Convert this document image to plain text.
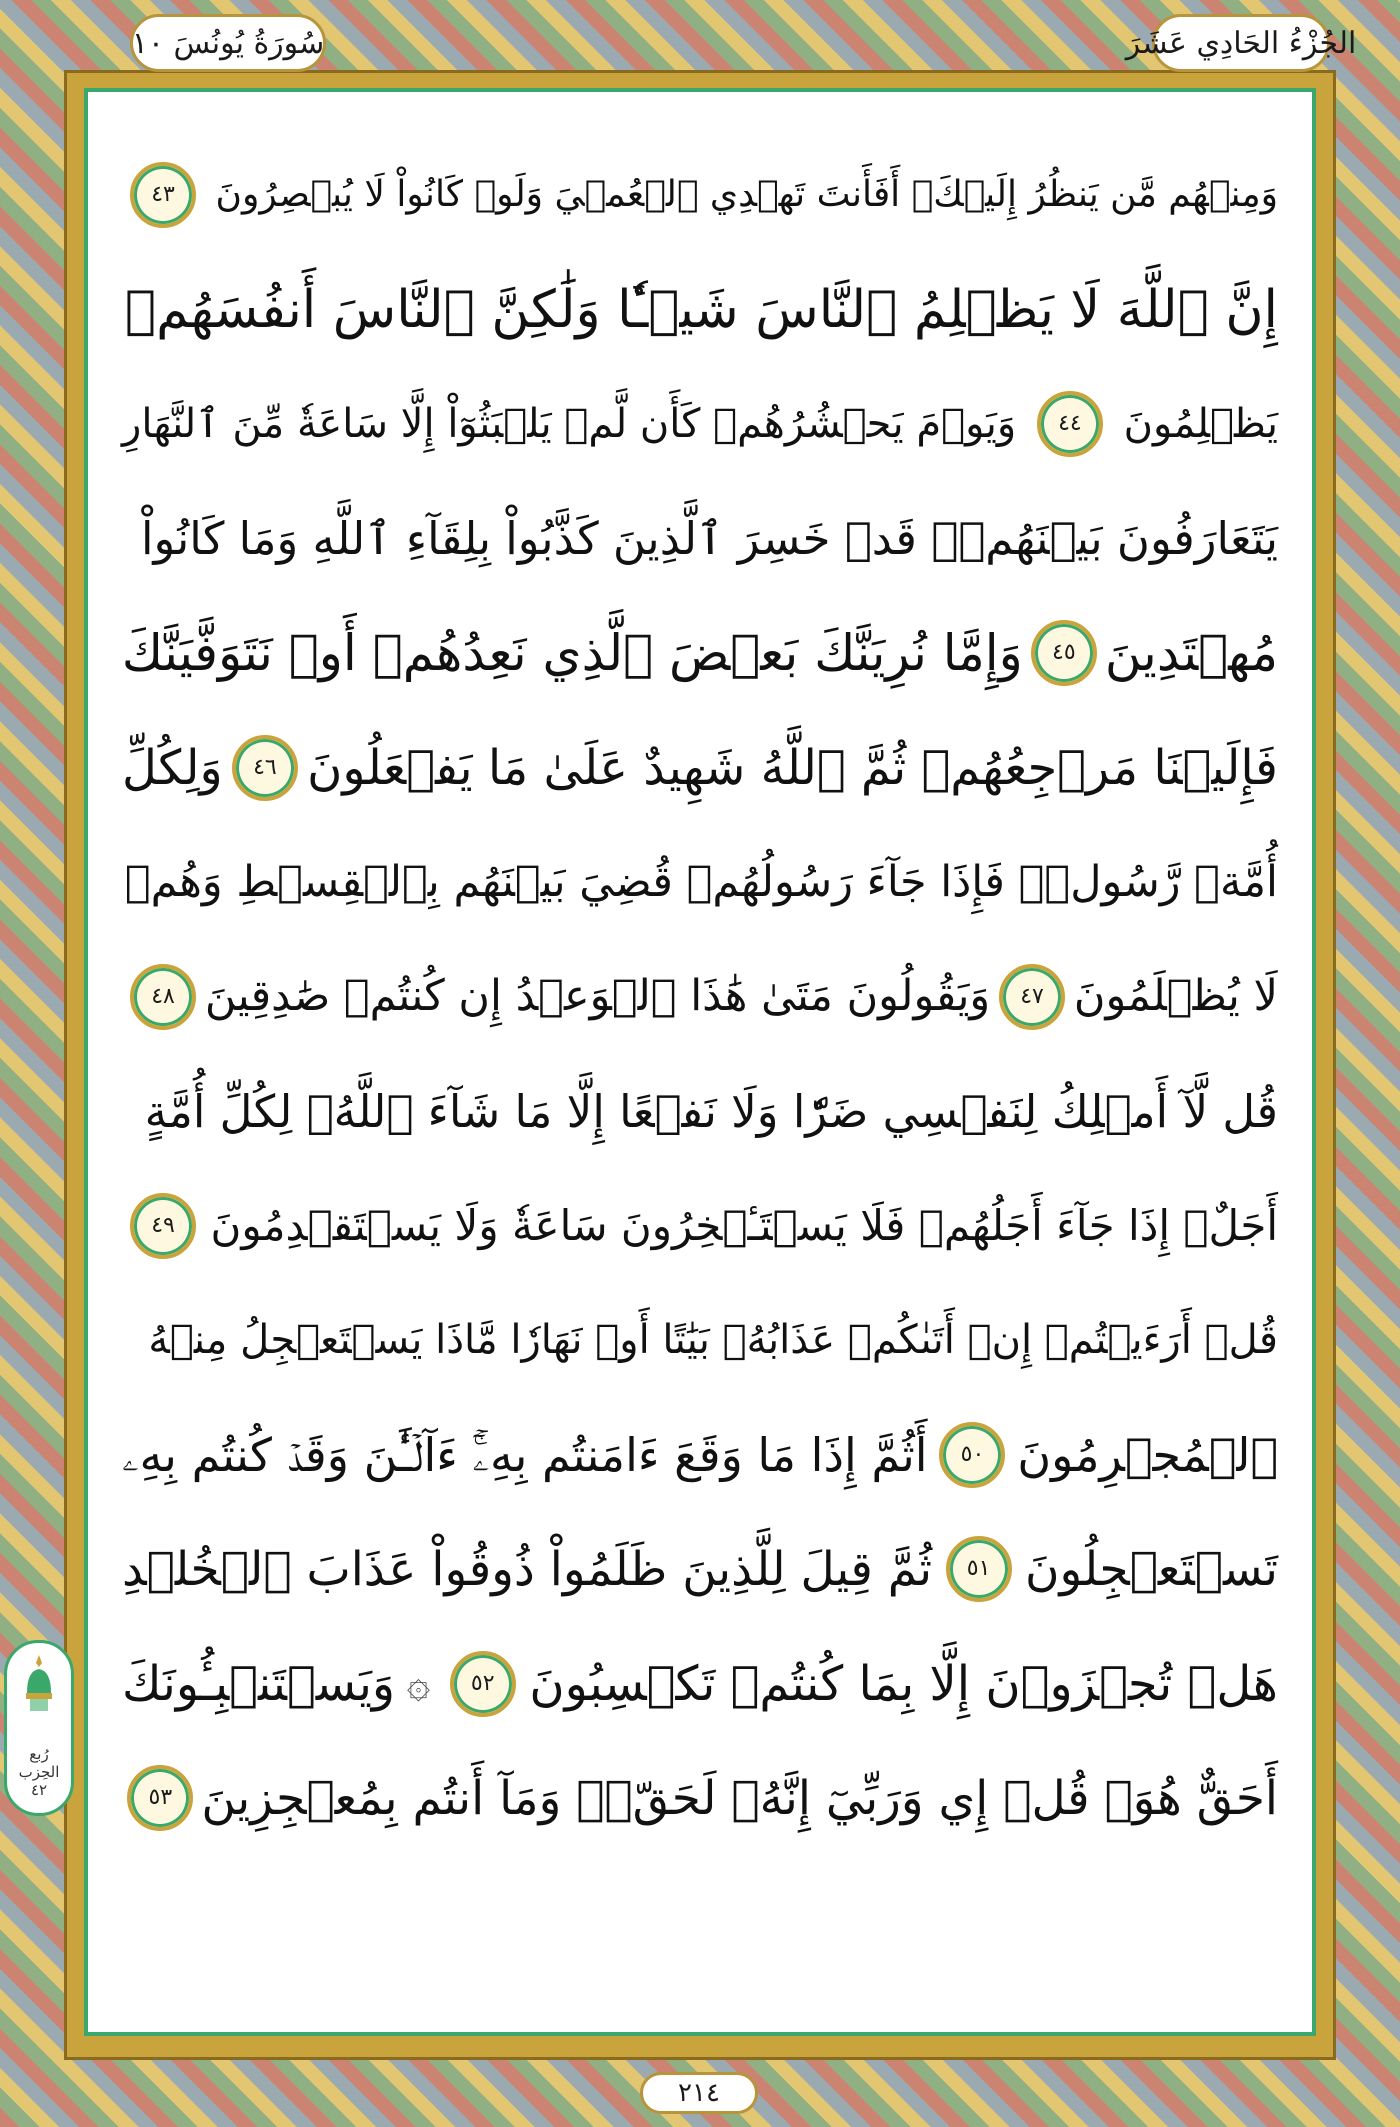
الجُزْءُ الحَادِي عَشَرَ
سُورَةُ يُونُسَ ١٠
وَمِنۡهُم مَّن يَنظُرُ إِلَيۡكَۚ أَفَأَنتَ تَهۡدِي ٱلۡعُمۡيَ وَلَوۡ كَانُواْ لَا يُبۡصِرُونَ
٤٣
إِنَّ ٱللَّهَ لَا يَظۡلِمُ ٱلنَّاسَ شَيۡـٔٗا وَلَٰكِنَّ ٱلنَّاسَ أَنفُسَهُمۡ
يَظۡلِمُونَ
٤٤
وَيَوۡمَ يَحۡشُرُهُمۡ كَأَن لَّمۡ يَلۡبَثُوٓاْ إِلَّا سَاعَةٗ مِّنَ ٱلنَّهَارِ
يَتَعَارَفُونَ بَيۡنَهُمۡۚ قَدۡ خَسِرَ ٱلَّذِينَ كَذَّبُواْ بِلِقَآءِ ٱللَّهِ وَمَا كَانُواْ
مُهۡتَدِينَ
٤٥
وَإِمَّا نُرِيَنَّكَ بَعۡضَ ٱلَّذِي نَعِدُهُمۡ أَوۡ نَتَوَفَّيَنَّكَ
فَإِلَيۡنَا مَرۡجِعُهُمۡ ثُمَّ ٱللَّهُ شَهِيدٌ عَلَىٰ مَا يَفۡعَلُونَ
٤٦
وَلِكُلِّ
أُمَّةٖ رَّسُولٞۖ فَإِذَا جَآءَ رَسُولُهُمۡ قُضِيَ بَيۡنَهُم بِٱلۡقِسۡطِ وَهُمۡ
لَا يُظۡلَمُونَ
٤٧
وَيَقُولُونَ مَتَىٰ هَٰذَا ٱلۡوَعۡدُ إِن كُنتُمۡ صَٰدِقِينَ
٤٨
قُل لَّآ أَمۡلِكُ لِنَفۡسِي ضَرّٗا وَلَا نَفۡعًا إِلَّا مَا شَآءَ ٱللَّهُۗ لِكُلِّ أُمَّةٍ
أَجَلٌۚ إِذَا جَآءَ أَجَلُهُمۡ فَلَا يَسۡتَـٔۡخِرُونَ سَاعَةٗ وَلَا يَسۡتَقۡدِمُونَ
٤٩
قُلۡ أَرَءَيۡتُمۡ إِنۡ أَتَىٰكُمۡ عَذَابُهُۥ بَيَٰتًا أَوۡ نَهَارٗا مَّاذَا يَسۡتَعۡجِلُ مِنۡهُ
ٱلۡمُجۡرِمُونَ
٥٠
أَثُمَّ إِذَا مَا وَقَعَ ءَامَنتُم بِهِۦٓۚ ءَآلۡـَٰٔنَ وَقَدۡ كُنتُم بِهِۦ
تَسۡتَعۡجِلُونَ
٥١
ثُمَّ قِيلَ لِلَّذِينَ ظَلَمُواْ ذُوقُواْ عَذَابَ ٱلۡخُلۡدِ
هَلۡ تُجۡزَوۡنَ إِلَّا بِمَا كُنتُمۡ تَكۡسِبُونَ
٥٢
۞
وَيَسۡتَنۢبِـُٔونَكَ
أَحَقٌّ هُوَۖ قُلۡ إِي وَرَبِّيٓ إِنَّهُۥ لَحَقّٞۖ وَمَآ أَنتُم بِمُعۡجِزِينَ
٥٣
رُبع
الحِزب
٤٢
٢١٤
